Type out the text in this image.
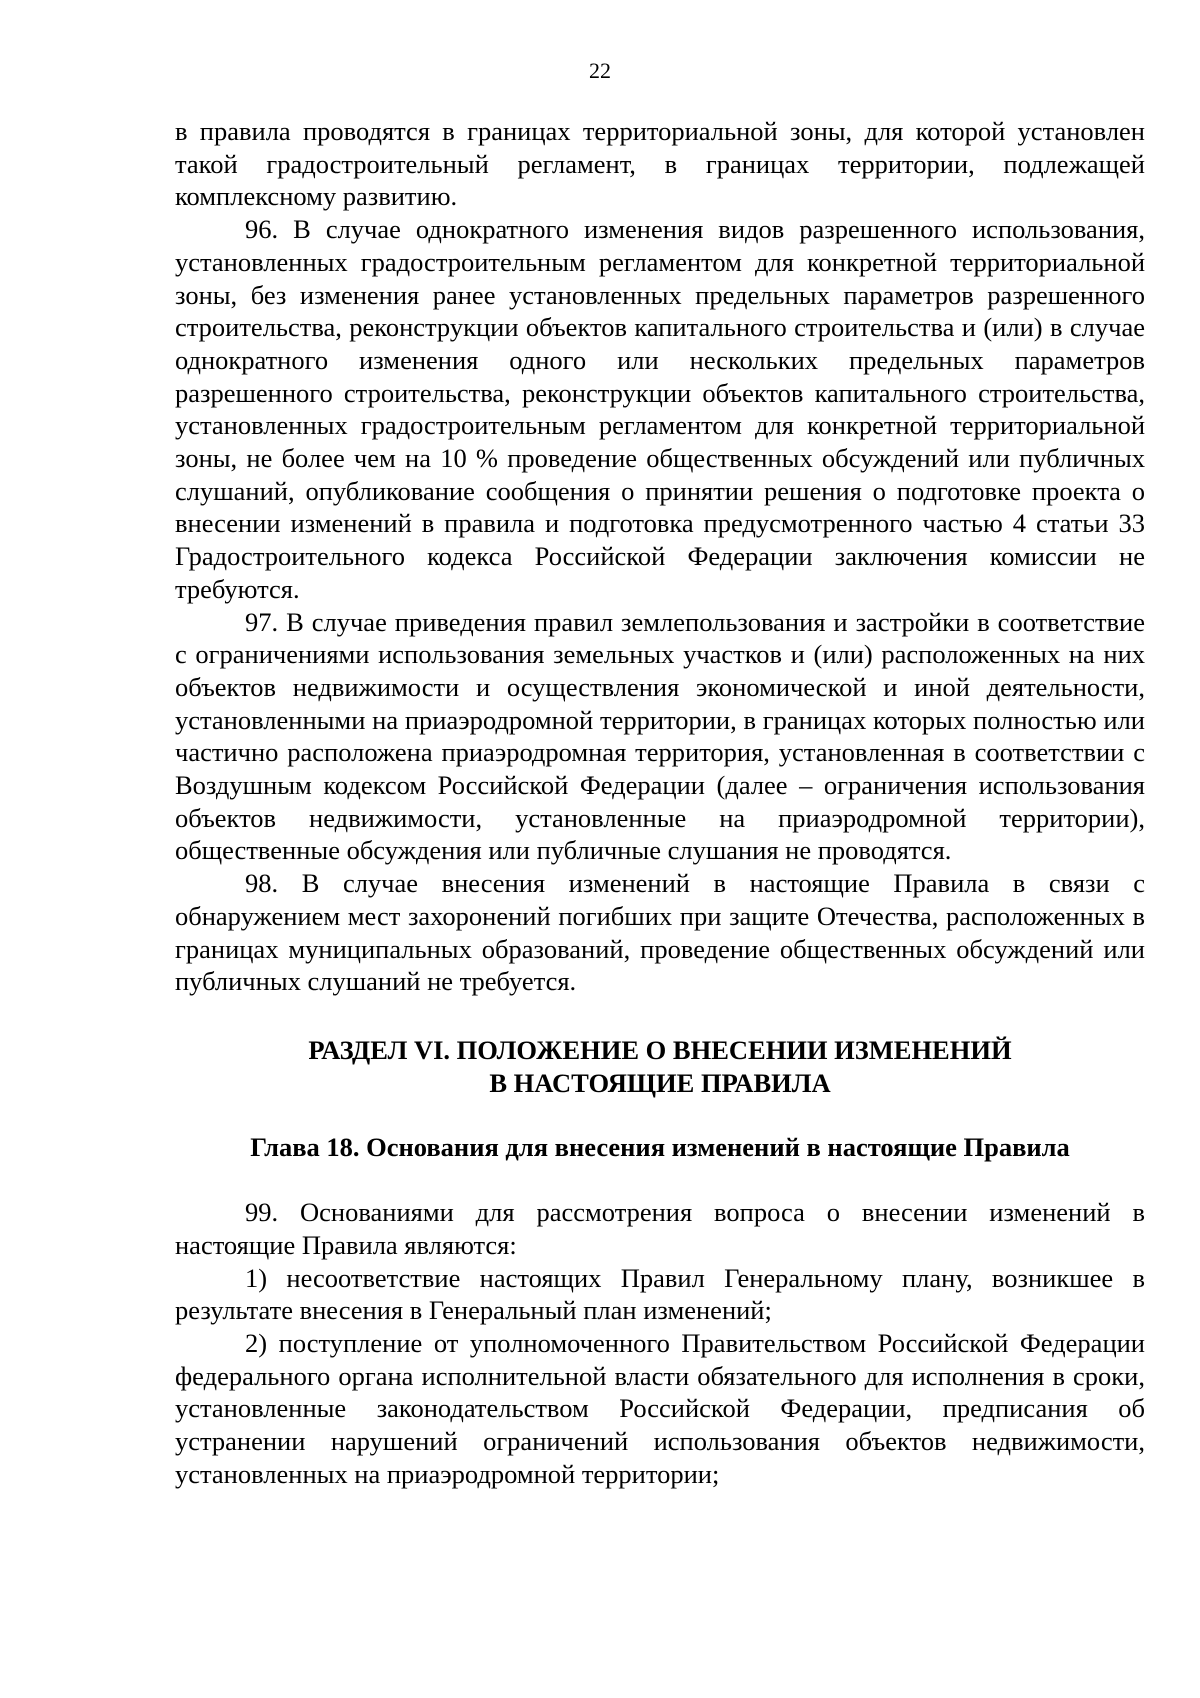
22

в правила проводятся в границах территориальной зоны, для которой установлен такой градостроительный регламент, в границах территории, подлежащей комплексному развитию.

96. В случае однократного изменения видов разрешенного использования, установленных градостроительным регламентом для конкретной территориальной зоны, без изменения ранее установленных предельных параметров разрешенного строительства, реконструкции объектов капитального строительства и (или) в случае однократного изменения одного или нескольких предельных параметров разрешенного строительства, реконструкции объектов капитального строительства, установленных градостроительным регламентом для конкретной территориальной зоны, не более чем на 10 % проведение общественных обсуждений или публичных слушаний, опубликование сообщения о принятии решения о подготовке проекта о внесении изменений в правила и подготовка предусмотренного частью 4 статьи 33 Градостроительного кодекса Российской Федерации заключения комиссии не требуются.

97. В случае приведения правил землепользования и застройки в соответствие с ограничениями использования земельных участков и (или) расположенных на них объектов недвижимости и осуществления экономической и иной деятельности, установленными на приаэродромной территории, в границах которых полностью или частично расположена приаэродромная территория, установленная в соответствии с Воздушным кодексом Российской Федерации (далее – ограничения использования объектов недвижимости, установленные на приаэродромной территории), общественные обсуждения или публичные слушания не проводятся.

98. В случае внесения изменений в настоящие Правила в связи с обнаружением мест захоронений погибших при защите Отечества, расположенных в границах муниципальных образований, проведение общественных обсуждений или публичных слушаний не требуется.

РАЗДЕЛ VI. ПОЛОЖЕНИЕ О ВНЕСЕНИИ ИЗМЕНЕНИЙ
В НАСТОЯЩИЕ ПРАВИЛА
Глава 18. Основания для внесения изменений в настоящие Правила

99. Основаниями для рассмотрения вопроса о внесении изменений в настоящие Правила являются:

1) несоответствие настоящих Правил Генеральному плану, возникшее в результате внесения в Генеральный план изменений;

2) поступление от уполномоченного Правительством Российской Федерации федерального органа исполнительной власти обязательного для исполнения в сроки, установленные законодательством Российской Федерации, предписания об устранении нарушений ограничений использования объектов недвижимости, установленных на приаэродромной территории;
